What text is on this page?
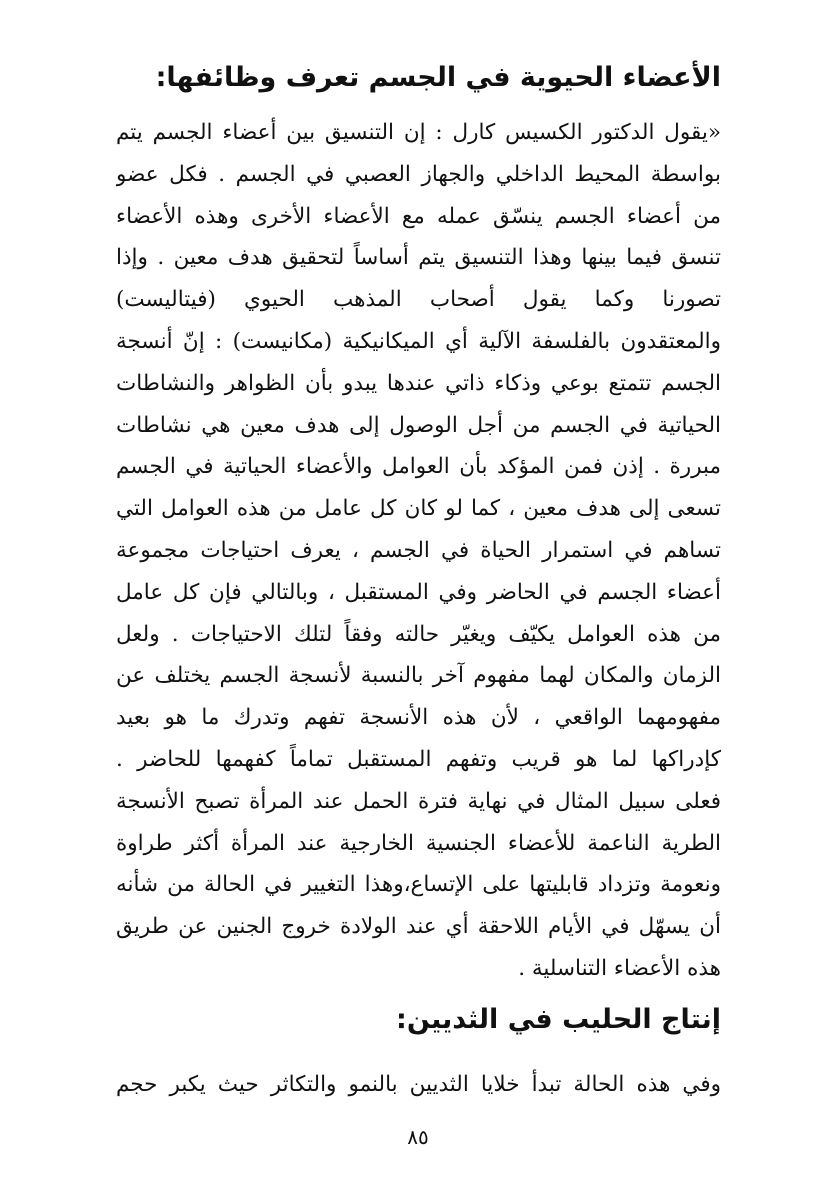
الأعضاء الحيوية في الجسم تعرف وظائفها:
«يقول الدكتور الكسيس كارل : إن التنسيق بين أعضاء الجسم يتم
بواسطة المحيط الداخلي والجهاز العصبي في الجسم . فكل عضو
من أعضاء الجسم ينسّق عمله مع الأعضاء الأخرى وهذه الأعضاء
تنسق فيما بينها وهذا التنسيق يتم أساساً لتحقيق هدف معين . وإذا
تصورنا وكما يقول أصحاب المذهب الحيوي (فيتاليست)
والمعتقدون بالفلسفة الآلية أي الميكانيكية (مكانيست) : إنّ أنسجة
الجسم تتمتع بوعي وذكاء ذاتي عندها يبدو بأن الظواهر والنشاطات
الحياتية في الجسم من أجل الوصول إلى هدف معين هي نشاطات
مبررة . إذن فمن المؤكد بأن العوامل والأعضاء الحياتية في الجسم
تسعى إلى هدف معين ، كما لو كان كل عامل من هذه العوامل التي
تساهم في استمرار الحياة في الجسم ، يعرف احتياجات مجموعة
أعضاء الجسم في الحاضر وفي المستقبل ، وبالتالي فإن كل عامل
من هذه العوامل يكيّف ويغيّر حالته وفقاً لتلك الاحتياجات . ولعل
الزمان والمكان لهما مفهوم آخر بالنسبة لأنسجة الجسم يختلف عن
مفهومهما الواقعي ، لأن هذه الأنسجة تفهم وتدرك ما هو بعيد
كإدراكها لما هو قريب وتفهم المستقبل تماماً كفهمها للحاضر .
فعلى سبيل المثال في نهاية فترة الحمل عند المرأة تصبح الأنسجة
الطرية الناعمة للأعضاء الجنسية الخارجية عند المرأة أكثر طراوة
ونعومة وتزداد قابليتها على الإتساع،وهذا التغيير في الحالة من شأنه
أن يسهّل في الأيام اللاحقة أي عند الولادة خروج الجنين عن طريق
هذه الأعضاء التناسلية .
إنتاج الحليب في الثديين:
وفي هذه الحالة تبدأ خلايا الثديين بالنمو والتكاثر حيث يكبر حجم
٨٥
